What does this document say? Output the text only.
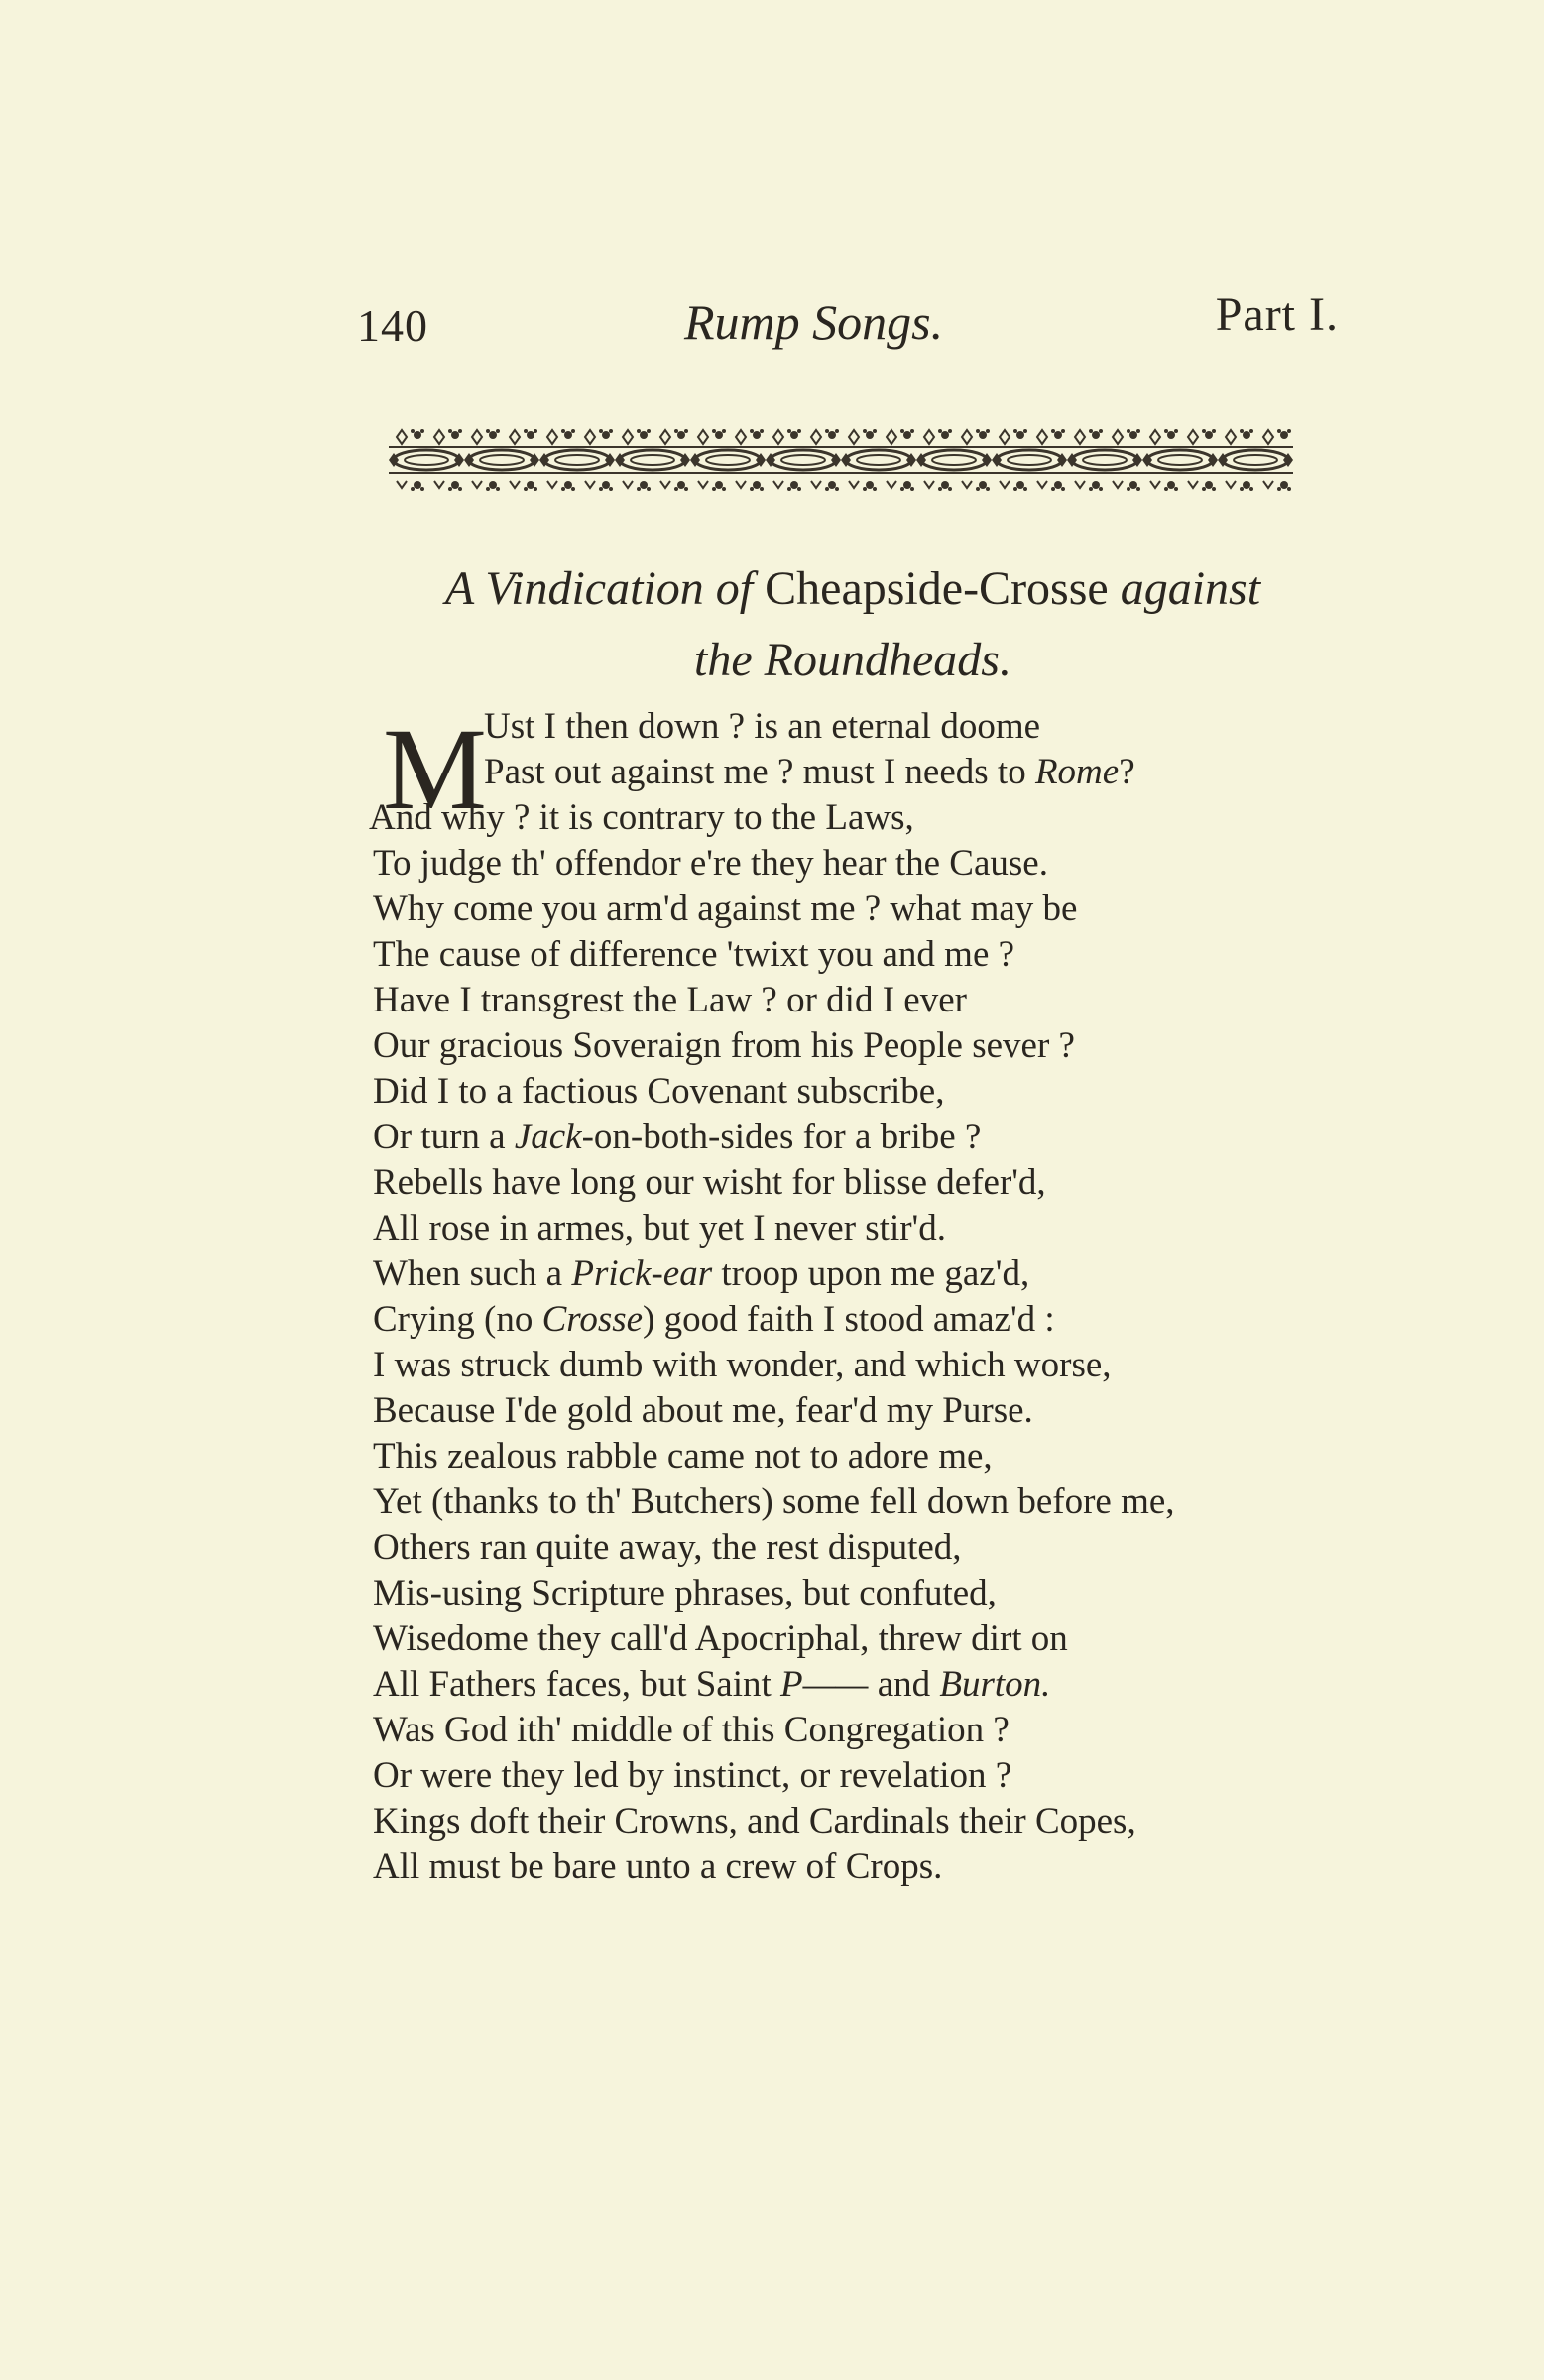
140	Rump Songs.	Part I.
A Vindication of Cheapside-Crosse against
the Roundheads.
M
Ust I then down ? is an eternal doome
Past out against me ? must I needs to Rome?
And why ? it is contrary to the Laws,
To judge th' offendor e're they hear the Cause.
Why come you arm'd against me ? what may be
The cause of difference 'twixt you and me ?
Have I transgrest the Law ? or did I ever
Our gracious Soveraign from his People sever ?
Did I to a factious Covenant subscribe,
Or turn a Jack-on-both-sides for a bribe ?
Rebells have long our wisht for blisse defer'd,
All rose in armes, but yet I never stir'd.
When such a Prick-ear troop upon me gaz'd,
Crying (no Crosse) good faith I stood amaz'd :
I was struck dumb with wonder, and which worse,
Because I'de gold about me, fear'd my Purse.
This zealous rabble came not to adore me,
Yet (thanks to th' Butchers) some fell down before me,
Others ran quite away, the rest disputed,
Mis-using Scripture phrases, but confuted,
Wisedome they call'd Apocriphal, threw dirt on
All Fathers faces, but Saint P—— and Burton.
Was God ith' middle of this Congregation ?
Or were they led by instinct, or revelation ?
Kings doft their Crowns, and Cardinals their Copes,
All must be bare unto a crew of Crops.
